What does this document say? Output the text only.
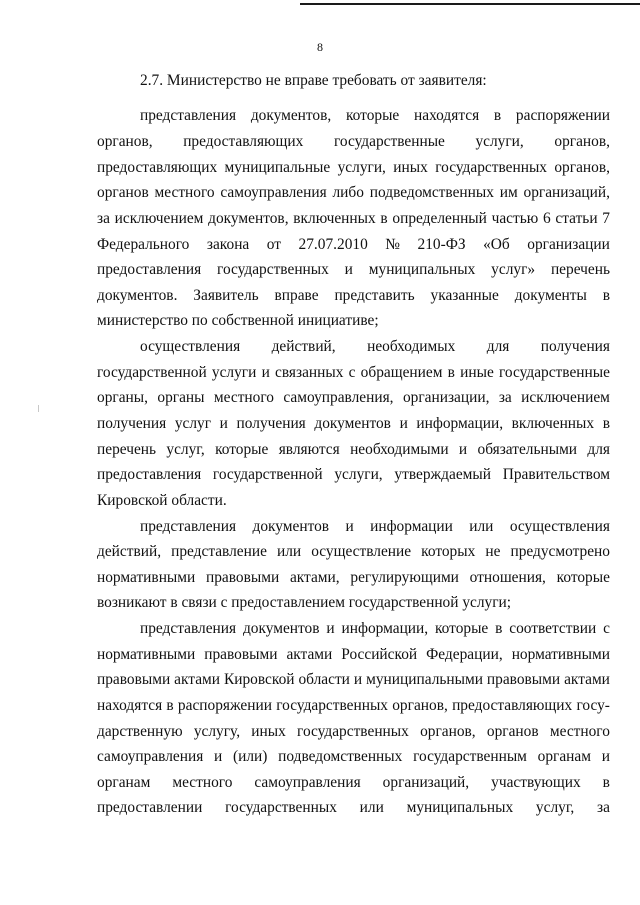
8
2.7. Министерство не вправе требовать от заявителя:
представления документов, которые находятся в распоряжении
органов, предоставляющих государственные услуги, органов,
предоставляющих муниципальные услуги, иных государственных органов,
органов местного самоуправления либо подведомственных им организаций,
за исключением документов, включенных в определенный частью 6 статьи 7
Федерального закона от 27.07.2010 № 210-ФЗ «Об организации
предоставления государственных и муниципальных услуг» перечень
документов. Заявитель вправе представить указанные документы в
министерство по собственной инициативе;
осуществления действий, необходимых для получения
государственной услуги и связанных с обращением в иные государственные
органы, органы местного самоуправления, организации, за исключением
получения услуг и получения документов и информации, включенных в
перечень услуг, которые являются необходимыми и обязательными для
предоставления государственной услуги, утверждаемый Правительством
Кировской области.
представления документов и информации или осуществления
действий, представление или осуществление которых не предусмотрено
нормативными правовыми актами, регулирующими отношения, которые
возникают в связи с предоставлением государственной услуги;
представления документов и информации, которые в соответствии с
нормативными правовыми актами Российской Федерации, нормативными
правовыми актами Кировской области и муниципальными правовыми актами
находятся в распоряжении государственных органов, предоставляющих госу-
дарственную услугу, иных государственных органов, органов местного
самоуправления и (или) подведомственных государственным органам и
органам местного самоуправления организаций, участвующих в
предоставлении государственных или муниципальных услуг, за
